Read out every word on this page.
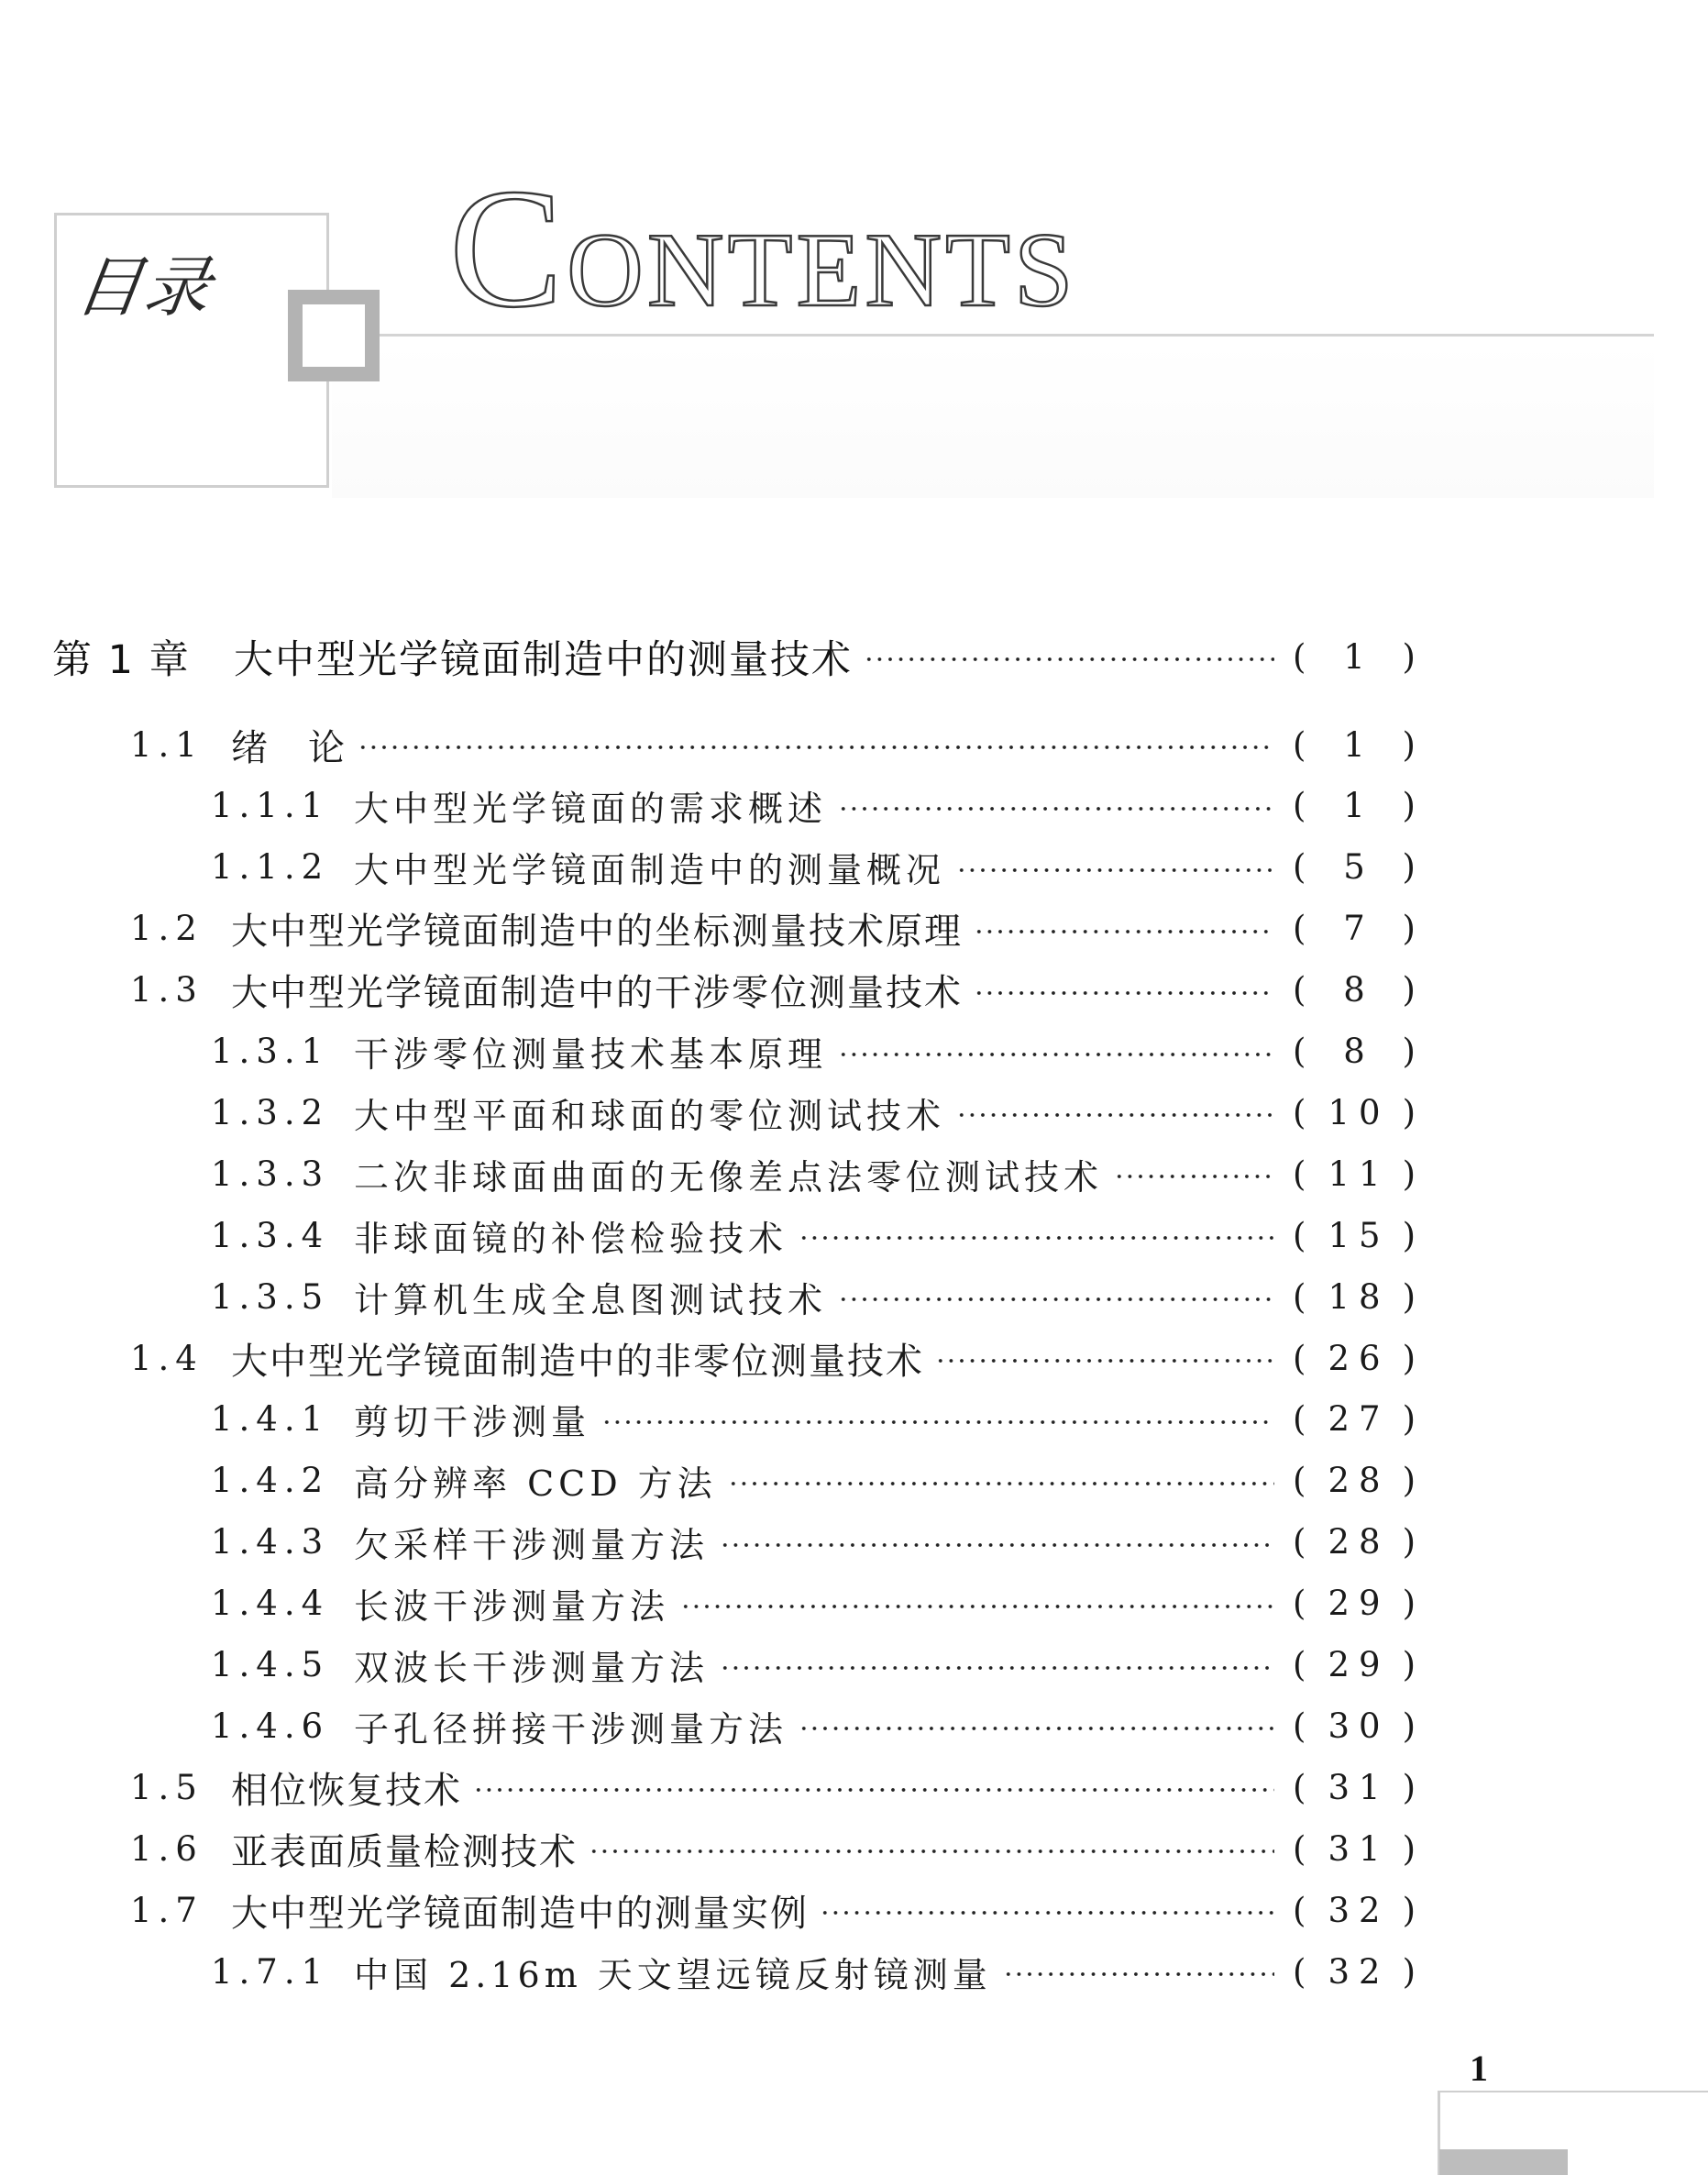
目录 CONTENTS
第 1 章 大中型光学镜面制造中的测量技术	( 1 )
1.1 绪　论	( 1 )
1.1.1 大中型光学镜面的需求概述	( 1 )
1.1.2 大中型光学镜面制造中的测量概况	( 5 )
1.2 大中型光学镜面制造中的坐标测量技术原理	( 7 )
1.3 大中型光学镜面制造中的干涉零位测量技术	( 8 )
1.3.1 干涉零位测量技术基本原理	( 8 )
1.3.2 大中型平面和球面的零位测试技术	( 10 )
1.3.3 二次非球面曲面的无像差点法零位测试技术	( 11 )
1.3.4 非球面镜的补偿检验技术	( 15 )
1.3.5 计算机生成全息图测试技术	( 18 )
1.4 大中型光学镜面制造中的非零位测量技术	( 26 )
1.4.1 剪切干涉测量	( 27 )
1.4.2 高分辨率 CCD 方法	( 28 )
1.4.3 欠采样干涉测量方法	( 28 )
1.4.4 长波干涉测量方法	( 29 )
1.4.5 双波长干涉测量方法	( 29 )
1.4.6 子孔径拼接干涉测量方法	( 30 )
1.5 相位恢复技术	( 31 )
1.6 亚表面质量检测技术	( 31 )
1.7 大中型光学镜面制造中的测量实例	( 32 )
1.7.1 中国 2.16m 天文望远镜反射镜测量	( 32 )

1
